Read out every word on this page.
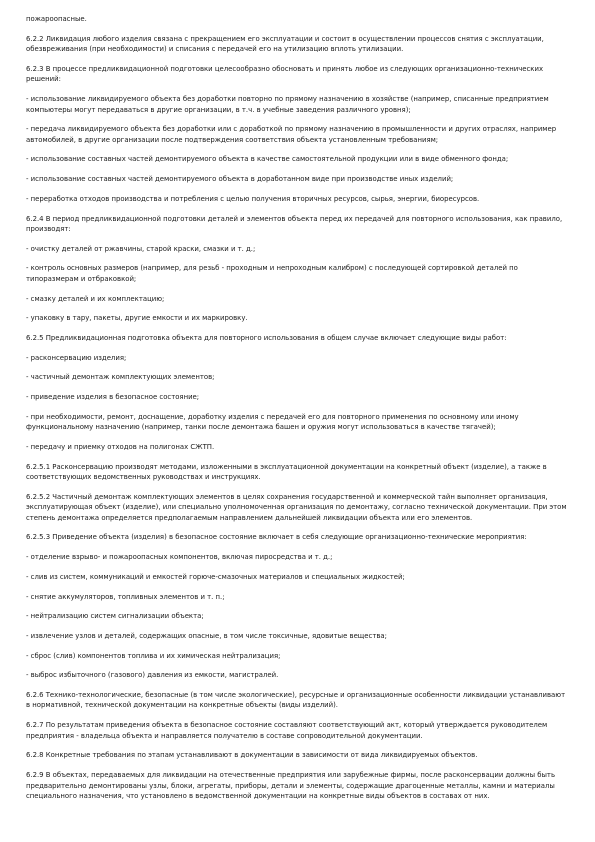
пожароопасные.

6.2.2 Ликвидация любого изделия связана с прекращением его эксплуатации и состоит в осуществлении процессов снятия с эксплуатации, обезвреживания (при необходимости) и списания с передачей его на утилизацию вплоть утилизации.

6.2.3 В процессе предликвидационной подготовки целесообразно обосновать и принять любое из следующих организационно-технических решений:

- использование ликвидируемого объекта без доработки повторно по прямому назначению в хозяйстве (например, списанные предприятием компьютеры могут передаваться в другие организации, в т.ч. в учебные заведения различного уровня);

- передача ликвидируемого объекта без доработки или с доработкой по прямому назначению в промышленности и других отраслях, например автомобилей, в другие организации после подтверждения соответствия объекта установленным требованиям;

- использование составных частей демонтируемого объекта в качестве самостоятельной продукции или в виде обменного фонда;

- использование составных частей демонтируемого объекта в доработанном виде при производстве иных изделий;

- переработка отходов производства и потребления с целью получения вторичных ресурсов, сырья, энергии, биоресурсов.

6.2.4 В период предликвидационной подготовки деталей и элементов объекта перед их передачей для повторного использования, как правило, производят:

- очистку деталей от ржавчины, старой краски, смазки и т. д.;

- контроль основных размеров (например, для резьб - проходным и непроходным калибром) с последующей сортировкой деталей по типоразмерам и отбраковкой;

- смазку деталей и их комплектацию;

- упаковку в тару, пакеты, другие емкости и их маркировку.

6.2.5 Предликвидационная подготовка объекта для повторного использования в общем случае включает следующие виды работ:

- расконсервацию изделия;

- частичный демонтаж комплектующих элементов;

- приведение изделия в безопасное состояние;

- при необходимости, ремонт, доснащение, доработку изделия с передачей его для повторного применения по основному или иному функциональному назначению (например, танки после демонтажа башен и оружия могут использоваться в качестве тягачей);

- передачу и приемку отходов на полигонах СЖТП.

6.2.5.1 Расконсервацию производят методами, изложенными в эксплуатационной документации на конкретный объект (изделие), а также в соответствующих ведомственных руководствах и инструкциях.

6.2.5.2 Частичный демонтаж комплектующих элементов в целях сохранения государственной и коммерческой тайн выполняет организация, эксплуатирующая объект (изделие), или специально уполномоченная организация по демонтажу, согласно технической документации. При этом степень демонтажа определяется предполагаемым направлением дальнейшей ликвидации объекта или его элементов.

6.2.5.3 Приведение объекта (изделия) в безопасное состояние включает в себя следующие организационно-технические мероприятия:

- отделение взрыво- и пожароопасных компонентов, включая пиросредства и т. д.;

- слив из систем, коммуникаций и емкостей горюче-смазочных материалов и специальных жидкостей;

- снятие аккумуляторов, топливных элементов и т. п.;

- нейтрализацию систем сигнализации объекта;

- извлечение узлов и деталей, содержащих опасные, в том числе токсичные, ядовитые вещества;

- сброс (слив) компонентов топлива и их химическая нейтрализация;

- выброс избыточного (газового) давления из емкости, магистралей.

6.2.6 Технико-технологические, безопасные (в том числе экологические), ресурсные и организационные особенности ликвидации устанавливают в нормативной, технической документации на конкретные объекты (виды изделий).

6.2.7 По результатам приведения объекта в безопасное состояние составляют соответствующий акт, который утверждается руководителем предприятия - владельца объекта и направляется получателю в составе сопроводительной документации.

6.2.8 Конкретные требования по этапам устанавливают в документации в зависимости от вида ликвидируемых объектов.

6.2.9 В объектах, передаваемых для ликвидации на отечественные предприятия или зарубежные фирмы, после расконсервации должны быть предварительно демонтированы узлы, блоки, агрегаты, приборы, детали и элементы, содержащие драгоценные металлы, камни и материалы специального назначения, что установлено в ведомственной документации на конкретные виды объектов в составах от них.
